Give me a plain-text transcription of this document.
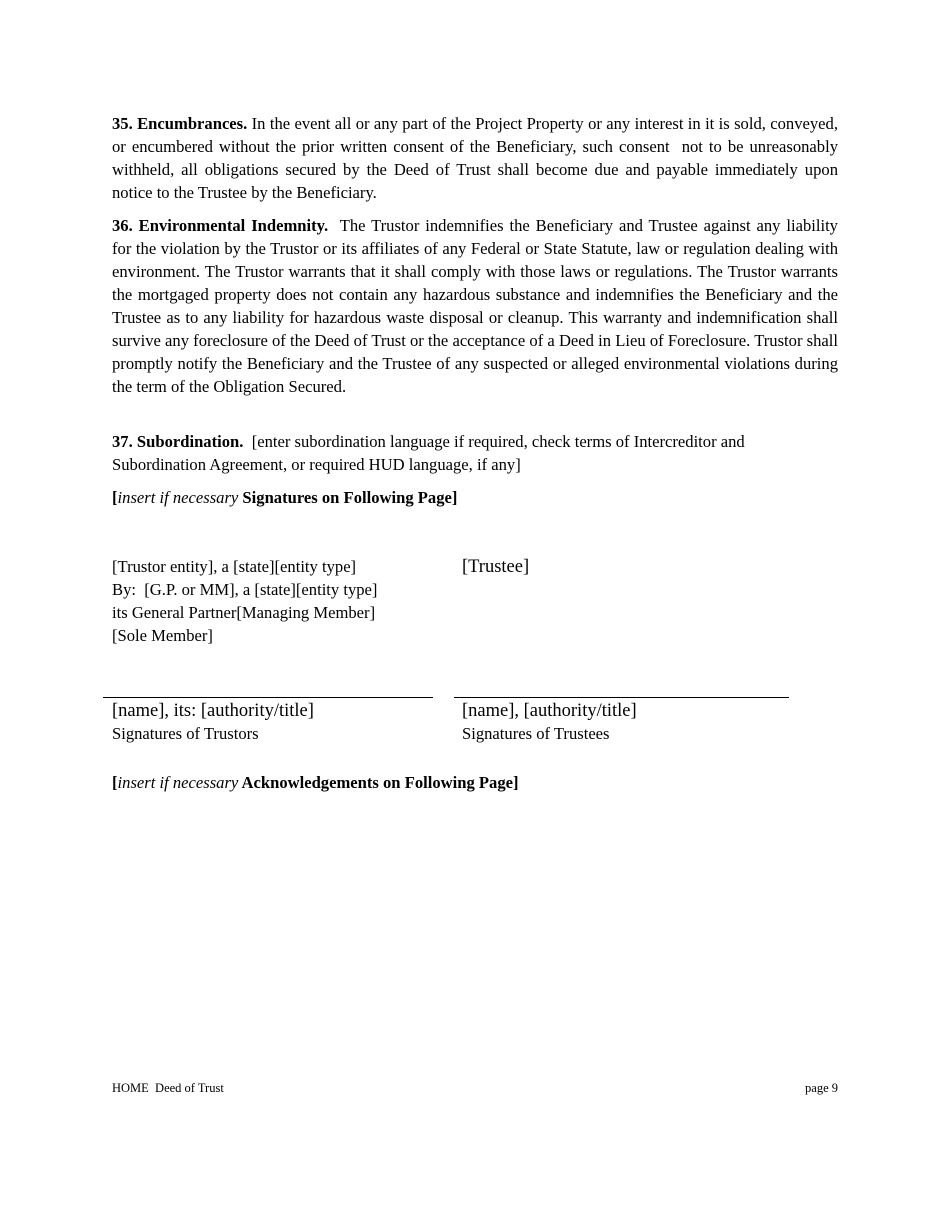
35. Encumbrances. In the event all or any part of the Project Property or any interest in it is sold, conveyed, or encumbered without the prior written consent of the Beneficiary, such consent  not to be unreasonably withheld, all obligations secured by the Deed of Trust shall become due and payable immediately upon notice to the Trustee by the Beneficiary.

36. Environmental Indemnity.  The Trustor indemnifies the Beneficiary and Trustee against any liability for the violation by the Trustor or its affiliates of any Federal or State Statute, law or regulation dealing with environment. The Trustor warrants that it shall comply with those laws or regulations. The Trustor warrants the mortgaged property does not contain any hazardous substance and indemnifies the Beneficiary and the Trustee as to any liability for hazardous waste disposal or cleanup. This warranty and indemnification shall survive any foreclosure of the Deed of Trust or the acceptance of a Deed in Lieu of Foreclosure. Trustor shall promptly notify the Beneficiary and the Trustee of any suspected or alleged environmental violations during the term of the Obligation Secured.

37. Subordination.  [enter subordination language if required, check terms of Intercreditor and Subordination Agreement, or required HUD language, if any]

[insert if necessary Signatures on Following Page]

[Trustor entity], a [state][entity type]
By:  [G.P. or MM], a [state][entity type]
its General Partner[Managing Member]
[Sole Member]
[Trustee]
[name], its: [authority/title]
Signatures of Trustors
[name], [authority/title]
Signatures of Trustees

[insert if necessary Acknowledgements on Following Page]

HOME  Deed of Trust	page 9
